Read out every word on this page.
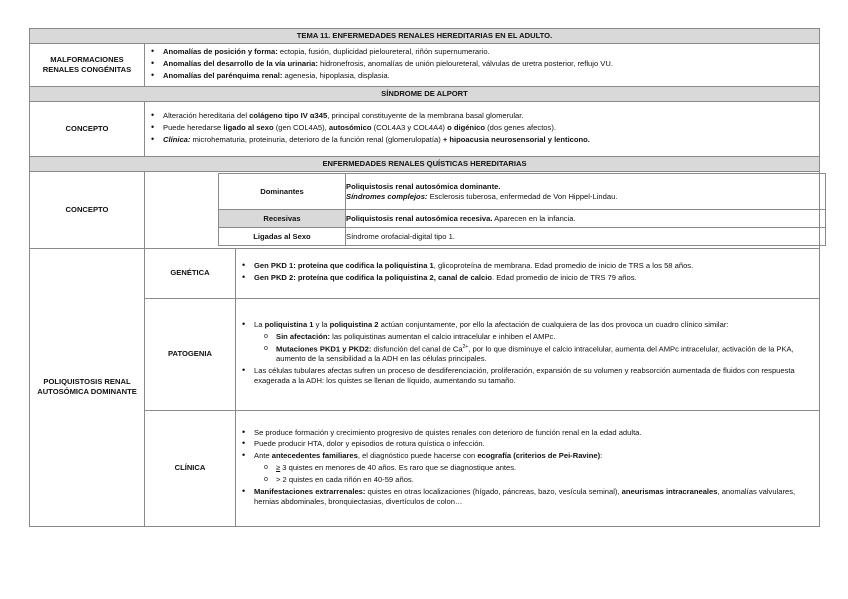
TEMA 11. ENFERMEDADES RENALES HEREDITARIAS EN EL ADULTO.
MALFORMACIONES RENALES CONGÉNITAS	
• Anomalías de posición y forma: ectopia, fusión, duplicidad pieloureteral, riñón supernumerario.
• Anomalías del desarrollo de la vía urinaria: hidronefrosis, anomalías de unión pieloureteral, válvulas de uretra posterior, reflujo VU.
• Anomalías del parénquima renal: agenesia, hipoplasia, displasia.

SÍNDROME DE ALPORT
CONCEPTO	
• Alteración hereditaria del colágeno tipo IV α345, principal constituyente de la membrana basal glomerular.
• Puede heredarse ligado al sexo (gen COL4A5), autosómico (COL4A3 y COL4A4) o digénico (dos genes afectos).
• Clínica: microhematuria, proteinuria, deterioro de la función renal (glomerulopatía) + hipoacusia neurosensorial y lenticono.

ENFERMEDADES RENALES QUÍSTICAS HEREDITARIAS
CONCEPTO	
Dominantes	Poliquistosis renal autosómica dominante.
Síndromes complejos: Esclerosis tuberosa, enfermedad de Von Hippel-Lindau.
Recesivas	Poliquistosis renal autosómica recesiva. Aparecen en la infancia.
Ligadas al Sexo	Síndrome orofacial-digital tipo 1.

POLIQUISTOSIS RENAL AUTOSÓMICA DOMINANTE	GENÉTICA	
• Gen PKD 1: proteína que codifica la poliquistina 1, glicoproteína de membrana. Edad promedio de inicio de TRS a los 58 años.
• Gen PKD 2: proteína que codifica la poliquistina 2, canal de calcio. Edad promedio de inicio de TRS 79 años.

PATOGENIA	
• La poliquistina 1 y la poliquistina 2 actúan conjuntamente, por ello la afectación de cualquiera de las dos provoca un cuadro clínico similar:
o Sin afectación: las poliquistinas aumentan el calcio intracelular e inhiben el AMPc.
o Mutaciones PKD1 y PKD2: disfunción del canal de $Ca^{2+}$, por lo que disminuye el calcio intracelular, aumenta del AMPc intracelular, activación de la PKA, aumento de la sensibilidad a la ADH en las células principales.
• Las células tubulares afectas sufren un proceso de desdiferenciación, proliferación, expansión de su volumen y reabsorción aumentada de fluidos con respuesta exagerada a la ADH: los quistes se llenan de líquido, aumentando su tamaño.

CLÍNICA	
• Se produce formación y crecimiento progresivo de quistes renales con deterioro de función renal en la edad adulta.
• Puede producir HTA, dolor y episodios de rotura quística o infección.
• Ante antecedentes familiares, el diagnóstico puede hacerse con ecografía (criterios de Pei-Ravine):
o ≥ 3 quistes en menores de 40 años. Es raro que se diagnostique antes.
o > 2 quistes en cada riñón en 40-59 años.
• Manifestaciones extrarrenales: quistes en otras localizaciones (hígado, páncreas, bazo, vesícula seminal), aneurismas intracraneales, anomalías valvulares, hernias abdominales, bronquiectasias, divertículos de colon…
